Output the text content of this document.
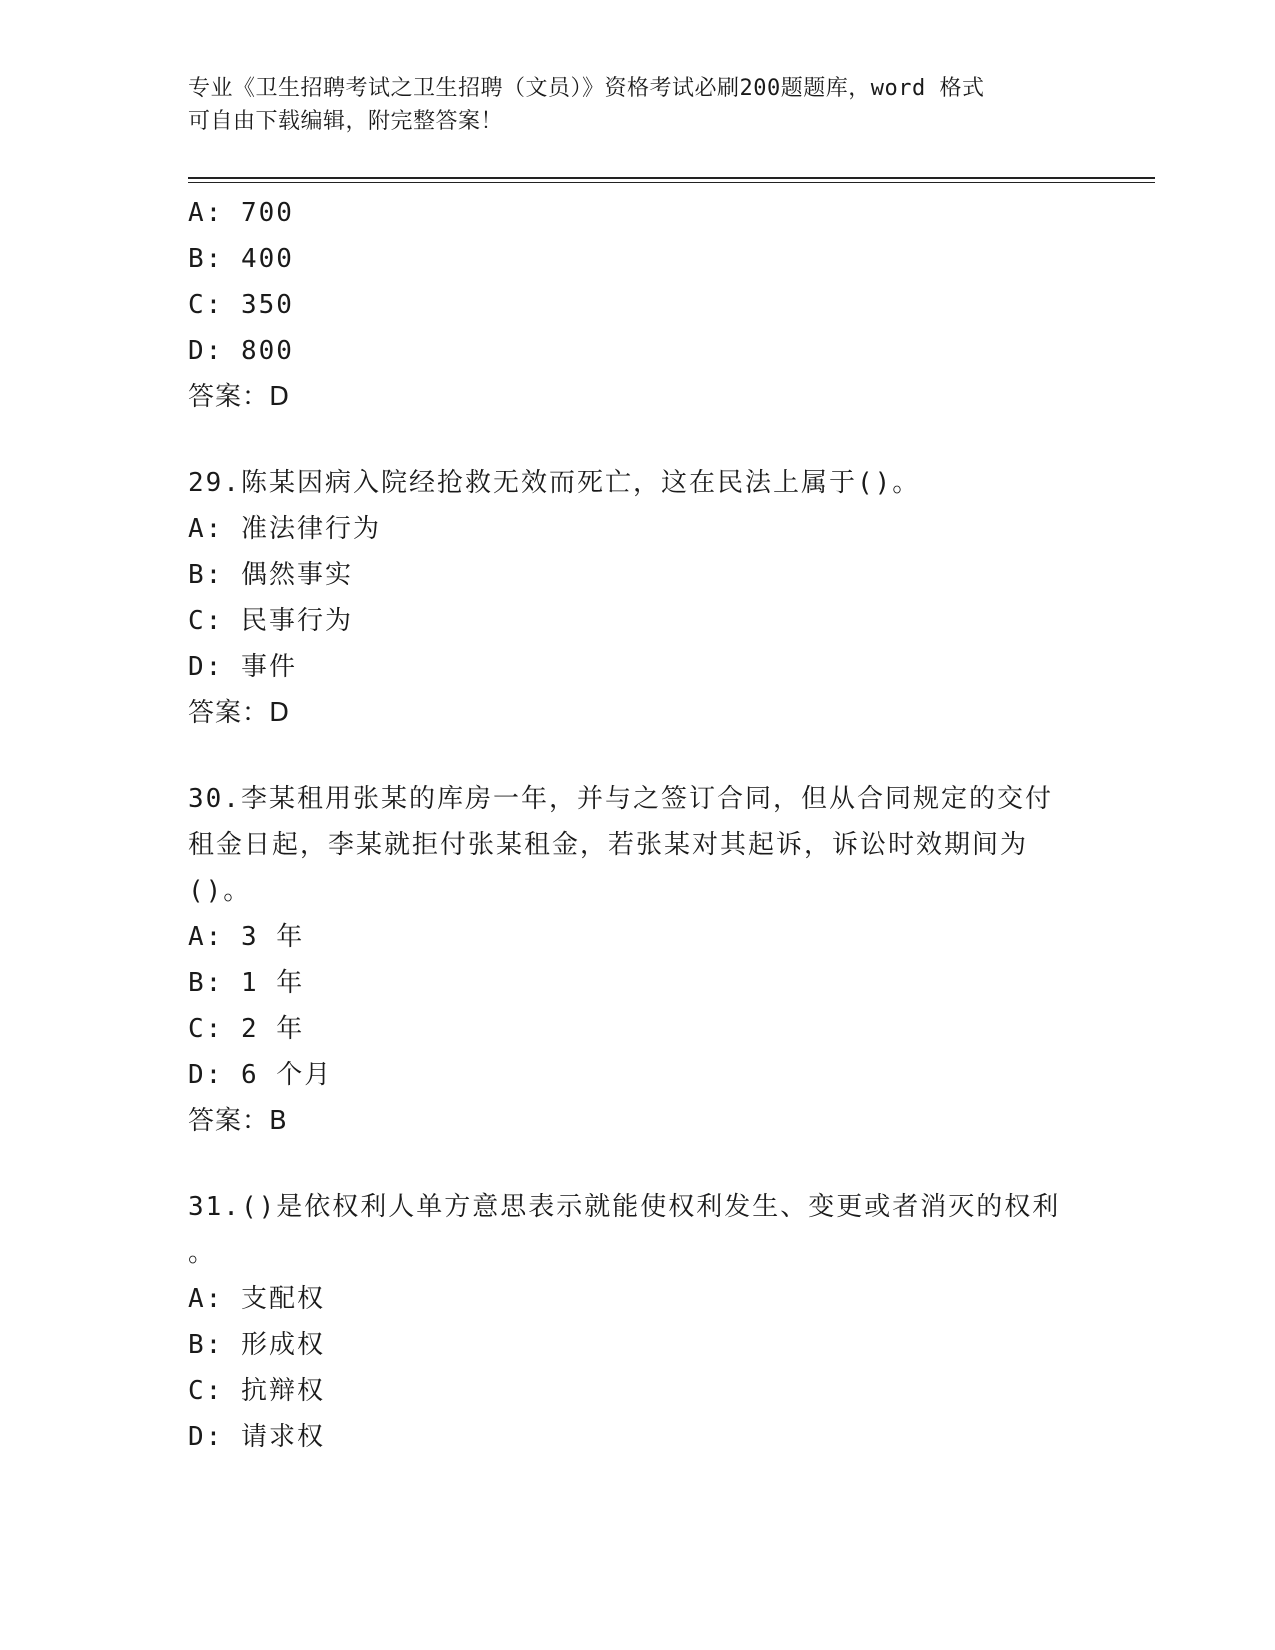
专业《卫生招聘考试之卫生招聘（文员）》资格考试必刷200题题库，word 格式
可自由下载编辑，附完整答案！
A: 700
B: 400
C: 350
D: 800
答案：D
29.陈某因病入院经抢救无效而死亡，这在民法上属于()。
A: 准法律行为
B: 偶然事实
C: 民事行为
D: 事件
答案：D
30.李某租用张某的库房一年，并与之签订合同，但从合同规定的交付
租金日起，李某就拒付张某租金，若张某对其起诉，诉讼时效期间为
()。
A: 3 年
B: 1 年
C: 2 年
D: 6 个月
答案：B
31.()是依权利人单方意思表示就能使权利发生、变更或者消灭的权利
。
A: 支配权
B: 形成权
C: 抗辩权
D: 请求权
